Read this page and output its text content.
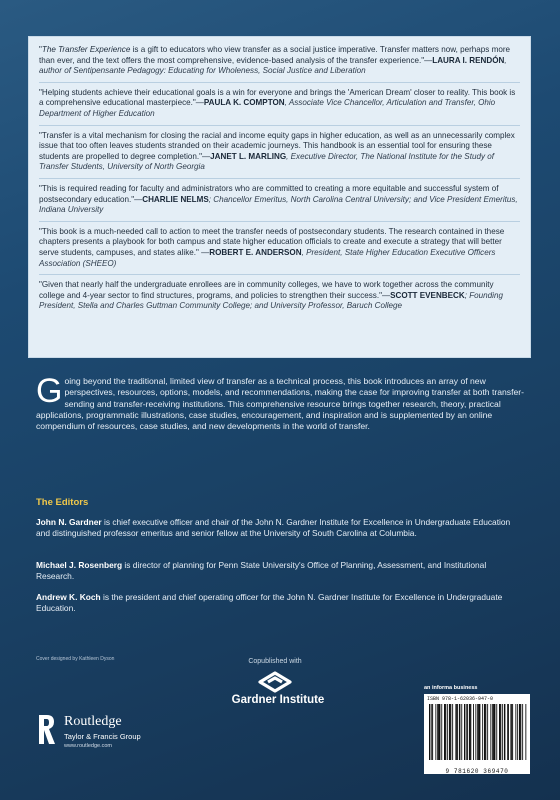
"The Transfer Experience is a gift to educators who view transfer as a social justice imperative. Transfer matters now, perhaps more than ever, and the text offers the most comprehensive, evidence-based analysis of the transfer experience."—LAURA I. RENDÓN, author of Sentipensante Pedagogy: Educating for Wholeness, Social Justice and Liberation

"Helping students achieve their educational goals is a win for everyone and brings the 'American Dream' closer to reality. This book is a comprehensive educational masterpiece."—PAULA K. COMPTON, Associate Vice Chancellor, Articulation and Transfer, Ohio Department of Higher Education

"Transfer is a vital mechanism for closing the racial and income equity gaps in higher education, as well as an unnecessarily complex issue that too often leaves students stranded on their academic journeys. This handbook is an essential tool for ensuring these students are propelled to degree completion."—JANET L. MARLING, Executive Director, The National Institute for the Study of Transfer Students, University of North Georgia

"This is required reading for faculty and administrators who are committed to creating a more equitable and successful system of postsecondary education."—CHARLIE NELMS; Chancellor Emeritus, North Carolina Central University; and Vice President Emeritus, Indiana University

"This book is a much-needed call to action to meet the transfer needs of postsecondary students. The research contained in these chapters presents a playbook for both campus and state higher education officials to create and execute a strategy that will better serve students, campuses, and states alike." —ROBERT E. ANDERSON, President, State Higher Education Executive Officers Association (SHEEO)

"Given that nearly half the undergraduate enrollees are in community colleges, we have to work together across the community college and 4-year sector to find structures, programs, and policies to strengthen their success."—SCOTT EVENBECK; Founding President, Stella and Charles Guttman Community College; and University Professor, Baruch College

Going beyond the traditional, limited view of transfer as a technical process, this book introduces an array of new perspectives, resources, options, models, and recommendations, making the case for improving transfer at both transfer-sending and transfer-receiving institutions. This comprehensive resource brings together research, theory, practical applications, programmatic illustrations, case studies, encouragement, and inspiration and is supplemented by an online compendium of resources, case studies, and new developments in the world of transfer.

The Editors

John N. Gardner is chief executive officer and chair of the John N. Gardner Institute for Excellence in Undergraduate Education and distinguished professor emeritus and senior fellow at the University of South Carolina at Columbia.

Michael J. Rosenberg is director of planning for Penn State University's Office of Planning, Assessment, and Institutional Research.

Andrew K. Koch is the president and chief operating officer for the John N. Gardner Institute for Excellence in Undergraduate Education.

Cover designed by Kathleen Dyson	Copublished with
Gardner Institute
an informa business
ISBN 978-1-62036-947-0
9 781620 369470
Routledge
Taylor & Francis Group
www.routledge.com
